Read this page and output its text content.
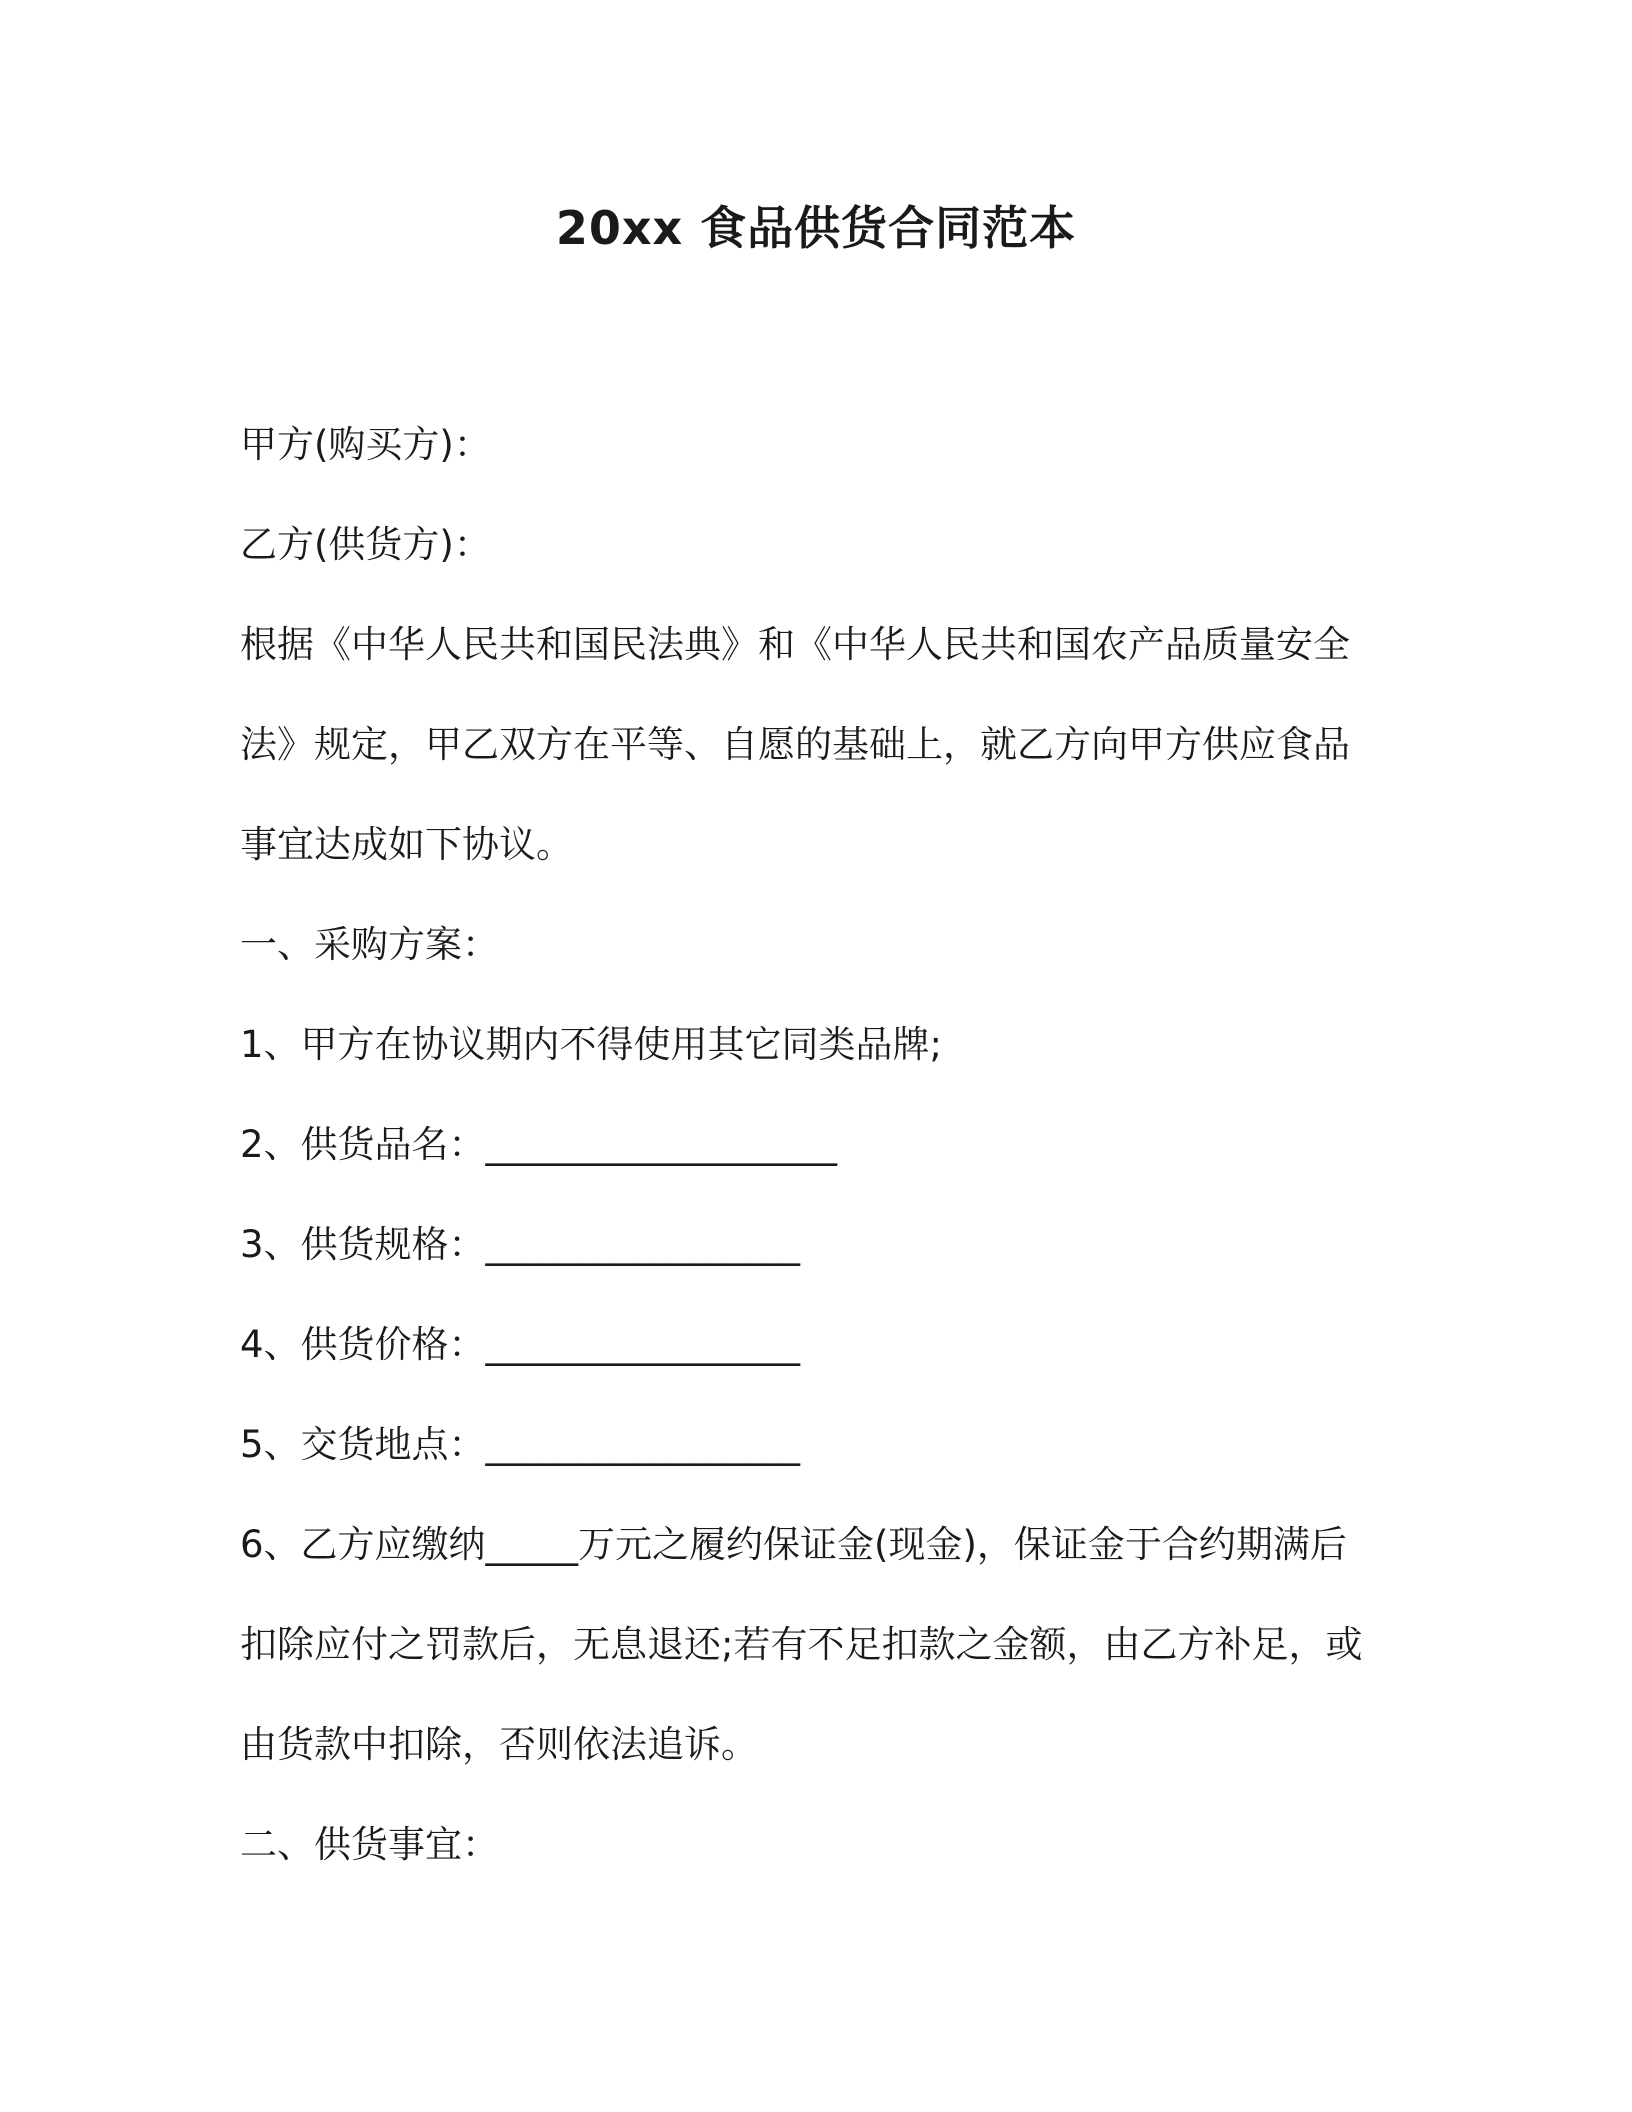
20xx 食品供货合同范本
甲方(购买方)：
乙方(供货方)：
根据《中华人民共和国民法典》和《中华人民共和国农产品质量安全
法》规定，甲乙双方在平等、自愿的基础上，就乙方向甲方供应食品
事宜达成如下协议。
一、采购方案：
1、甲方在协议期内不得使用其它同类品牌;
2、供货品名：___________________
3、供货规格：_________________
4、供货价格：_________________
5、交货地点：_________________
6、乙方应缴纳_____万元之履约保证金(现金)，保证金于合约期满后
扣除应付之罚款后，无息退还;若有不足扣款之金额，由乙方补足，或
由货款中扣除，否则依法追诉。
二、供货事宜：
